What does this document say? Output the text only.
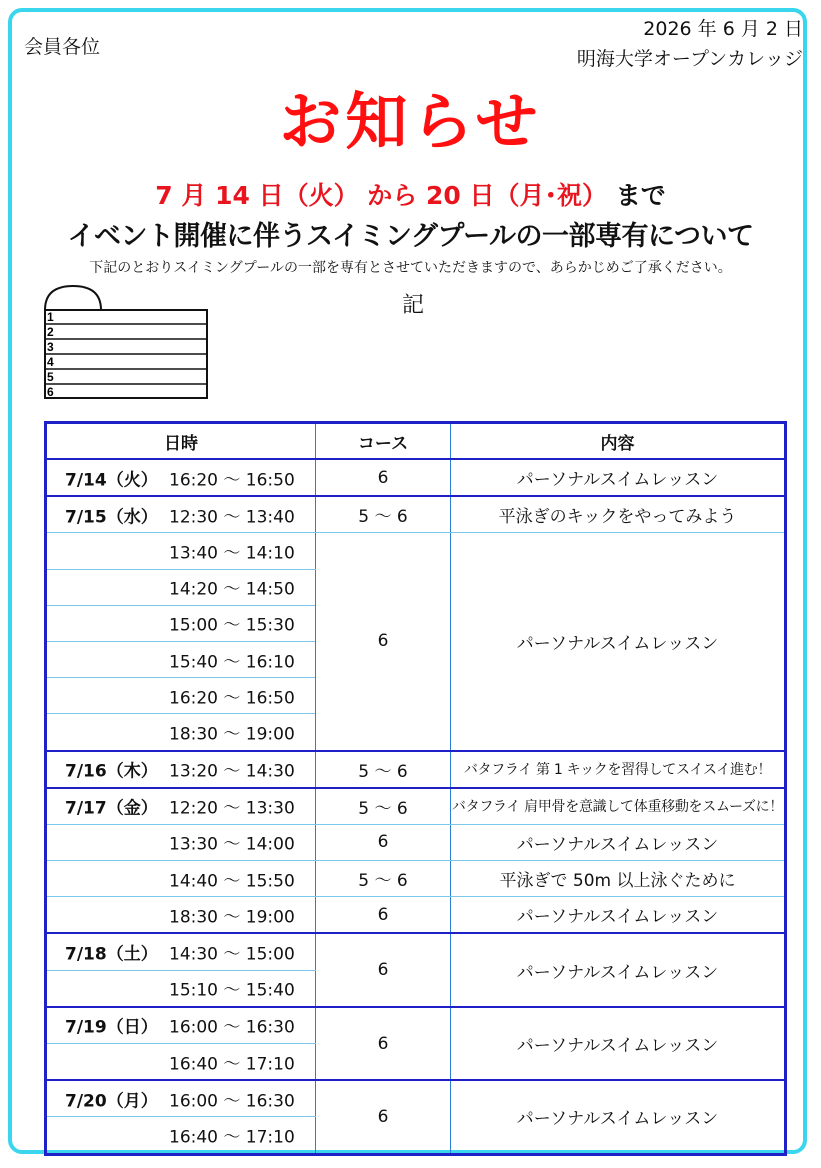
会員各位
2026 年 6 月 2 日
明海大学オープンカレッジ
お知らせ
7 月 14 日（火） から 20 日（月･祝） まで
イベント開催に伴うスイミングプールの一部専有について
下記のとおりスイミングプールの一部を専有とさせていただきますので、あらかじめご了承ください。
記
1
2
3
4
5
6
日時	コース	内容

7/14（火） 16:20 ～ 16:50	6	パーソナルスイムレッスン

7/15（水） 12:30 ～ 13:40	5 ～ 6	平泳ぎのキックをやってみよう

13:40 ～ 14:10	6	パーソナルスイムレッスン

14:20 ～ 14:50		

15:00 ～ 15:30		

15:40 ～ 16:10		

16:20 ～ 16:50		

18:30 ～ 19:00		

7/16（木） 13:20 ～ 14:30	5 ～ 6	バタフライ 第 1 キックを習得してスイスイ進む！

7/17（金） 12:20 ～ 13:30	5 ～ 6	バタフライ 肩甲骨を意識して体重移動をスムーズに！

13:30 ～ 14:00	6	パーソナルスイムレッスン

14:40 ～ 15:50	5 ～ 6	平泳ぎで 50m 以上泳ぐために

18:30 ～ 19:00	6	パーソナルスイムレッスン

7/18（土） 14:30 ～ 15:00	6	パーソナルスイムレッスン

15:10 ～ 15:40		

7/19（日） 16:00 ～ 16:30	6	パーソナルスイムレッスン

16:40 ～ 17:10		

7/20（月） 16:00 ～ 16:30	6	パーソナルスイムレッスン

16:40 ～ 17:10		
